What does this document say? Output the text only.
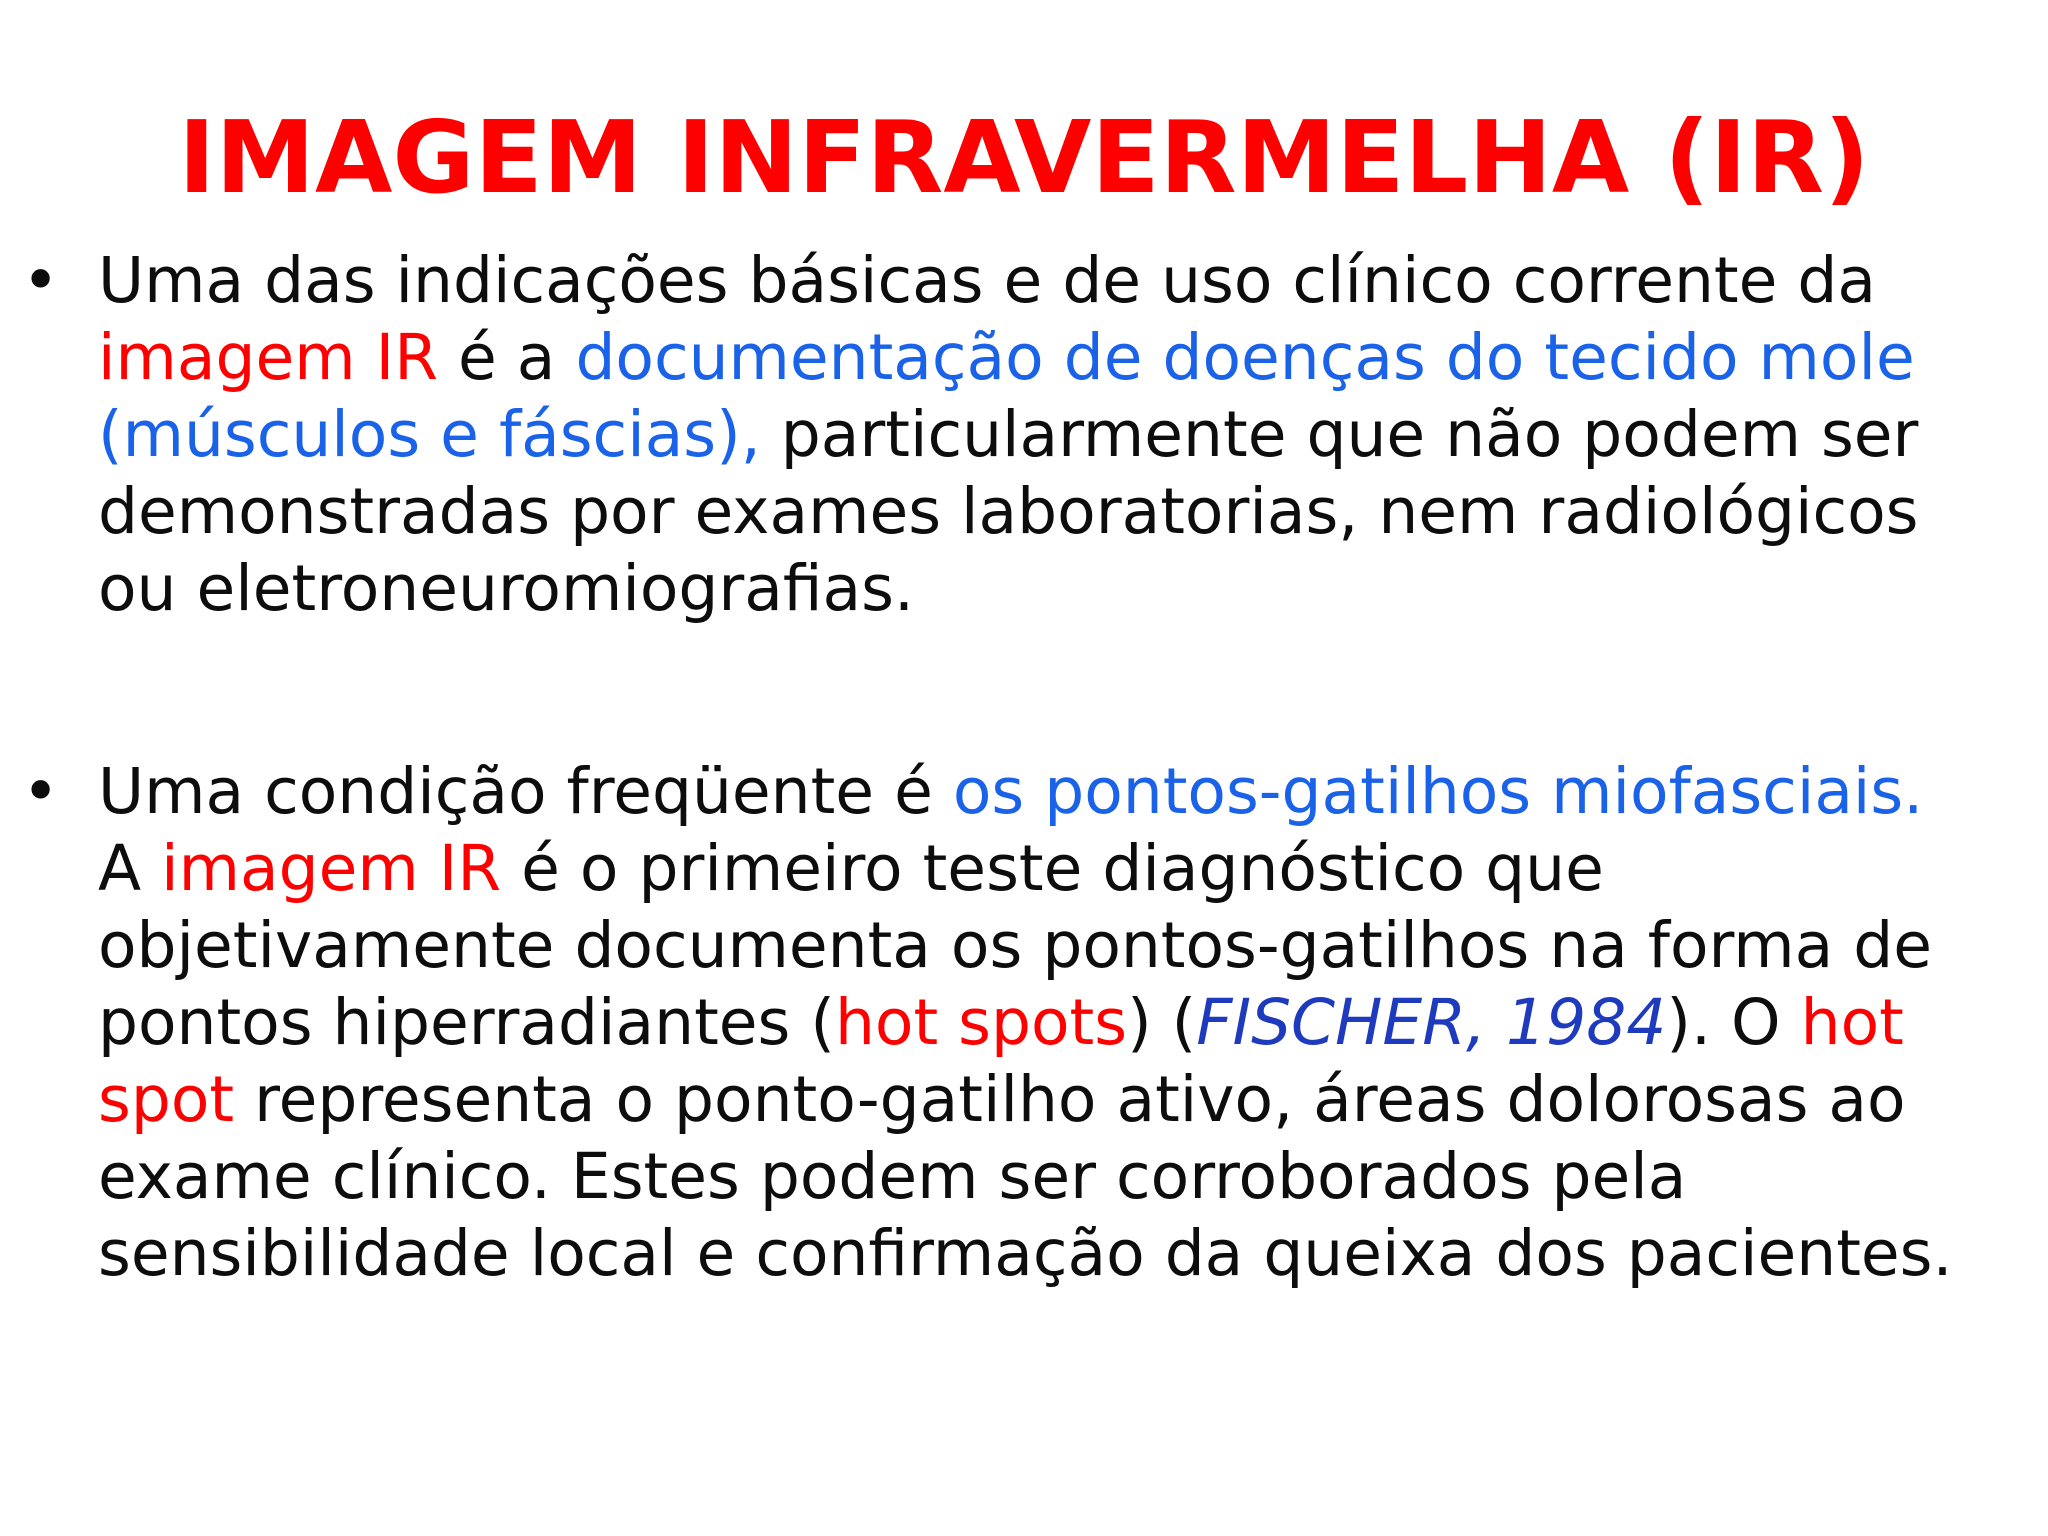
IMAGEM INFRAVERMELHA (IR)
• Uma das indicações básicas e de uso clínico corrente da
imagem IR é a documentação de doenças do tecido mole
(músculos e fáscias), particularmente que não podem ser
demonstradas por exames laboratorias, nem radiológicos
ou eletroneuromiografias.
• Uma condição freqüente é os pontos-gatilhos miofasciais.
A imagem IR é o primeiro teste diagnóstico que
objetivamente documenta os pontos-gatilhos na forma de
pontos hiperradiantes (hot spots) (FISCHER, 1984). O hot
spot representa o ponto-gatilho ativo, áreas dolorosas ao
exame clínico. Estes podem ser corroborados pela
sensibilidade local e confirmação da queixa dos pacientes.
